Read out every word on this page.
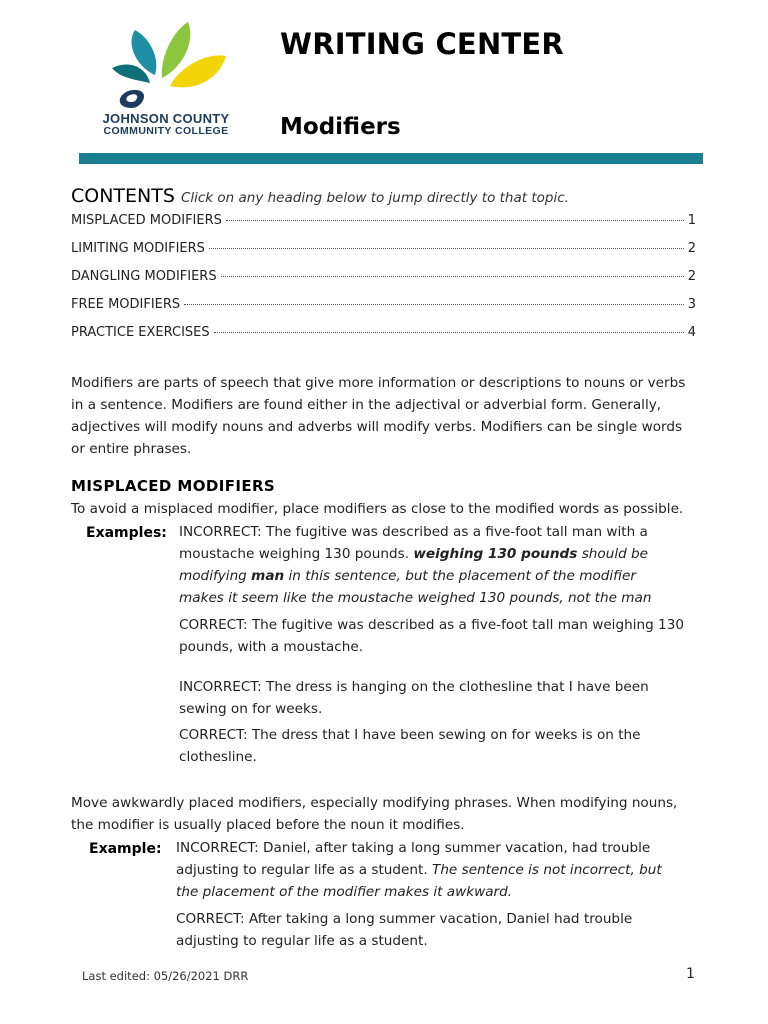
JOHNSON COUNTY
COMMUNITY COLLEGE
WRITING CENTER
Modifiers
CONTENTS Click on any heading below to jump directly to that topic.
MISPLACED MODIFIERS	1
LIMITING MODIFIERS	2
DANGLING MODIFIERS	2
FREE MODIFIERS	3
PRACTICE EXERCISES	4
Modifiers are parts of speech that give more information or descriptions to nouns or verbs in a sentence. Modifiers are found either in the adjectival or adverbial form. Generally, adjectives will modify nouns and adverbs will modify verbs. Modifiers can be single words or entire phrases.
MISPLACED MODIFIERS
To avoid a misplaced modifier, place modifiers as close to the modified words as possible.
Examples: INCORRECT: The fugitive was described as a five-foot tall man with a moustache weighing 130 pounds. weighing 130 pounds should be modifying man in this sentence, but the placement of the modifier makes it seem like the moustache weighed 130 pounds, not the man
CORRECT: The fugitive was described as a five-foot tall man weighing 130 pounds, with a moustache.
INCORRECT: The dress is hanging on the clothesline that I have been sewing on for weeks.
CORRECT: The dress that I have been sewing on for weeks is on the clothesline.
Move awkwardly placed modifiers, especially modifying phrases. When modifying nouns, the modifier is usually placed before the noun it modifies.
Example: INCORRECT: Daniel, after taking a long summer vacation, had trouble adjusting to regular life as a student. The sentence is not incorrect, but the placement of the modifier makes it awkward.
CORRECT: After taking a long summer vacation, Daniel had trouble adjusting to regular life as a student.
Last edited: 05/26/2021 DRR	1
